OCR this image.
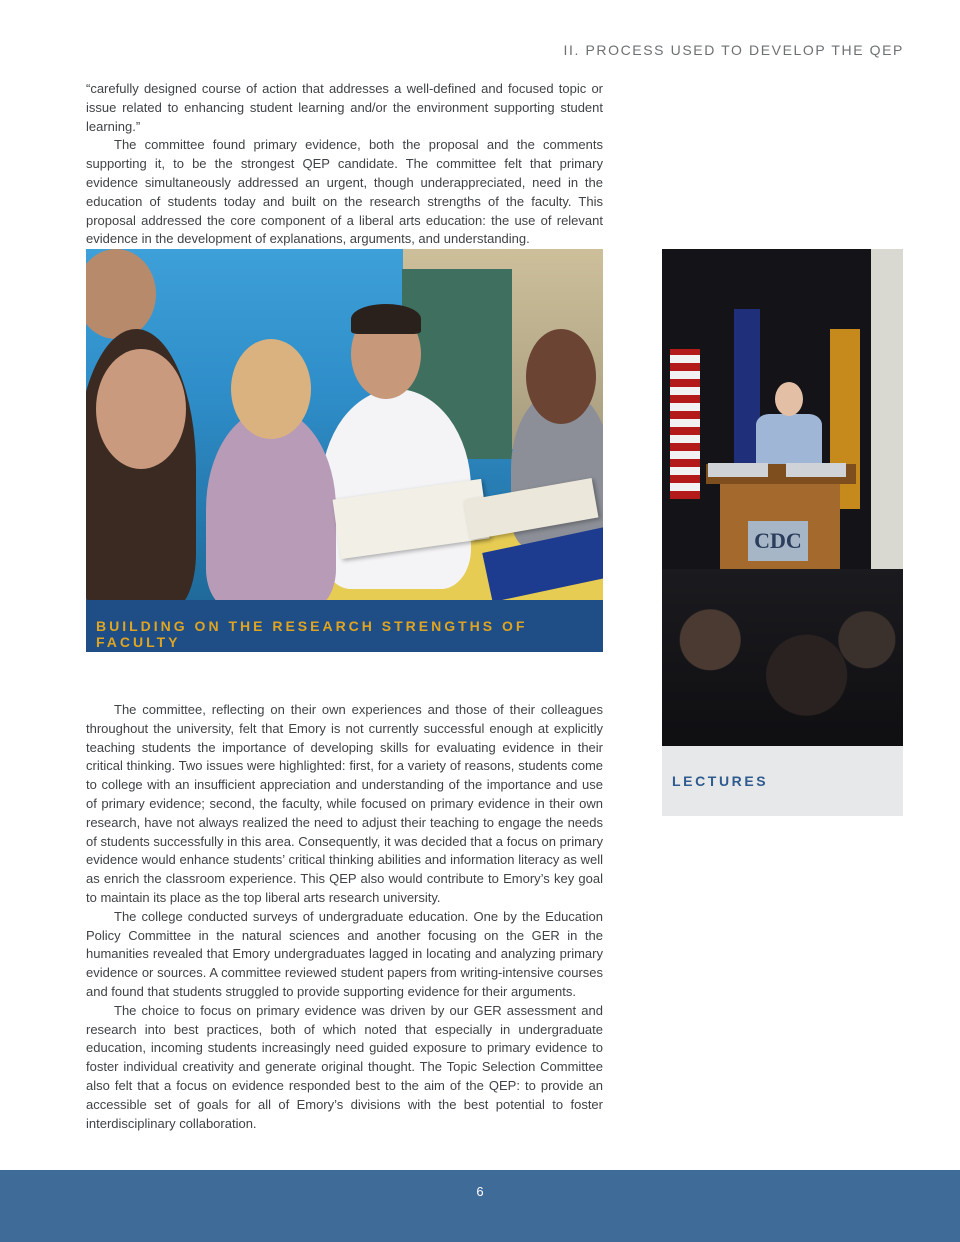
II. PROCESS USED TO DEVELOP THE QEP

“carefully designed course of action that addresses a well-defined and focused topic or issue related to enhancing student learning and/or the environment supporting student learning.”

The committee found primary evidence, both the proposal and the comments supporting it, to be the strongest QEP candidate. The committee felt that primary evidence simultaneously addressed an urgent, though underappreciated, need in the education of students today and built on the research strengths of the faculty. This proposal addressed the core component of a liberal arts education: the use of relevant evidence in the development of explanations, arguments, and understanding.

BUILDING ON THE RESEARCH STRENGTHS OF FACULTY
CDC
LECTURES

The committee, reflecting on their own experiences and those of their colleagues throughout the university, felt that Emory is not currently successful enough at explicitly teaching students the importance of developing skills for evaluating evidence in their critical thinking. Two issues were highlighted: first, for a variety of reasons, students come to college with an insufficient appreciation and understanding of the importance and use of primary evidence; second, the faculty, while focused on primary evidence in their own research, have not always realized the need to adjust their teaching to engage the needs of students successfully in this area. Consequently, it was decided that a focus on primary evidence would enhance students’ critical thinking abilities and information literacy as well as enrich the classroom experience. This QEP also would contribute to Emory’s key goal to maintain its place as the top liberal arts research university.

The college conducted surveys of undergraduate education. One by the Education Policy Committee in the natural sciences and another focusing on the GER in the humanities revealed that Emory undergraduates lagged in locating and analyzing primary evidence or sources. A committee reviewed student papers from writing-intensive courses and found that students struggled to provide supporting evidence for their arguments.

The choice to focus on primary evidence was driven by our GER assessment and research into best practices, both of which noted that especially in undergraduate education, incoming students increasingly need guided exposure to primary evidence to foster individual creativity and generate original thought. The Topic Selection Committee also felt that a focus on evidence responded best to the aim of the QEP: to provide an accessible set of goals for all of Emory’s divisions with the best potential to foster interdisciplinary collaboration.

6
